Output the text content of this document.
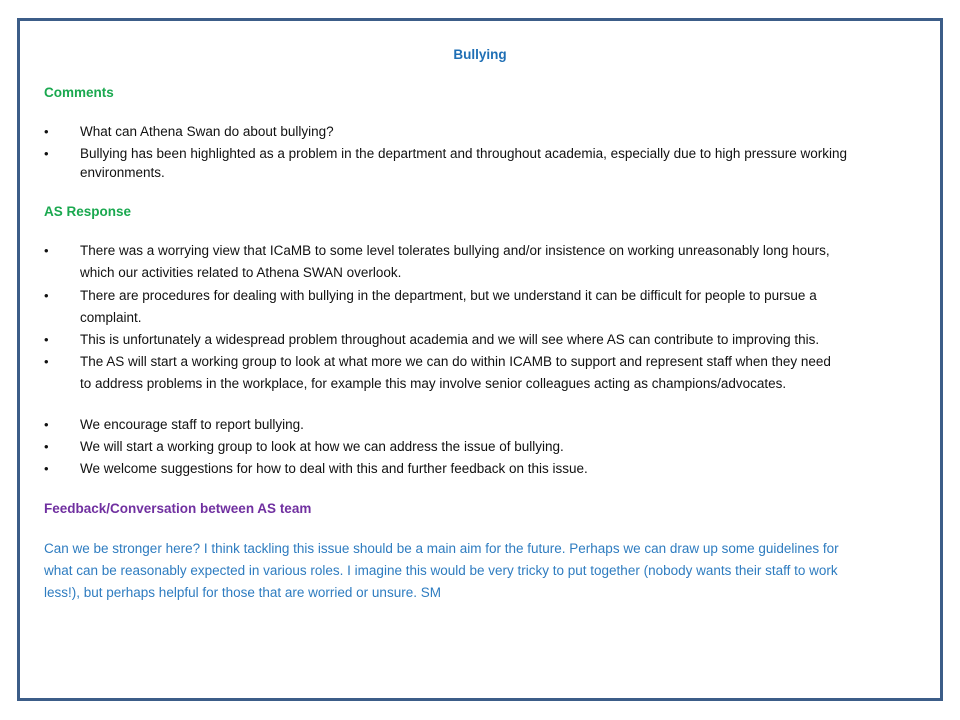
Bullying
Comments
• What can Athena Swan do about bullying?
• Bullying has been highlighted as a problem in the department and throughout academia, especially due to high pressure working
environments.
AS Response
• There was a worrying view that ICaMB to some level tolerates bullying and/or insistence on working unreasonably long hours,
which our activities related to Athena SWAN overlook.
• There are procedures for dealing with bullying in the department, but we understand it can be difficult for people to pursue a
complaint.
• This is unfortunately a widespread problem throughout academia and we will see where AS can contribute to improving this.
• The AS will start a working group to look at what more we can do within ICAMB to support and represent staff when they need
to address problems in the workplace, for example this may involve senior colleagues acting as champions/advocates.
• We encourage staff to report bullying.
• We will start a working group to look at how we can address the issue of bullying.
• We welcome suggestions for how to deal with this and further feedback on this issue.
Feedback/Conversation between AS team
Can we be stronger here? I think tackling this issue should be a main aim for the future. Perhaps we can draw up some guidelines for
what can be reasonably expected in various roles. I imagine this would be very tricky to put together (nobody wants their staff to work
less!), but perhaps helpful for those that are worried or unsure. SM
